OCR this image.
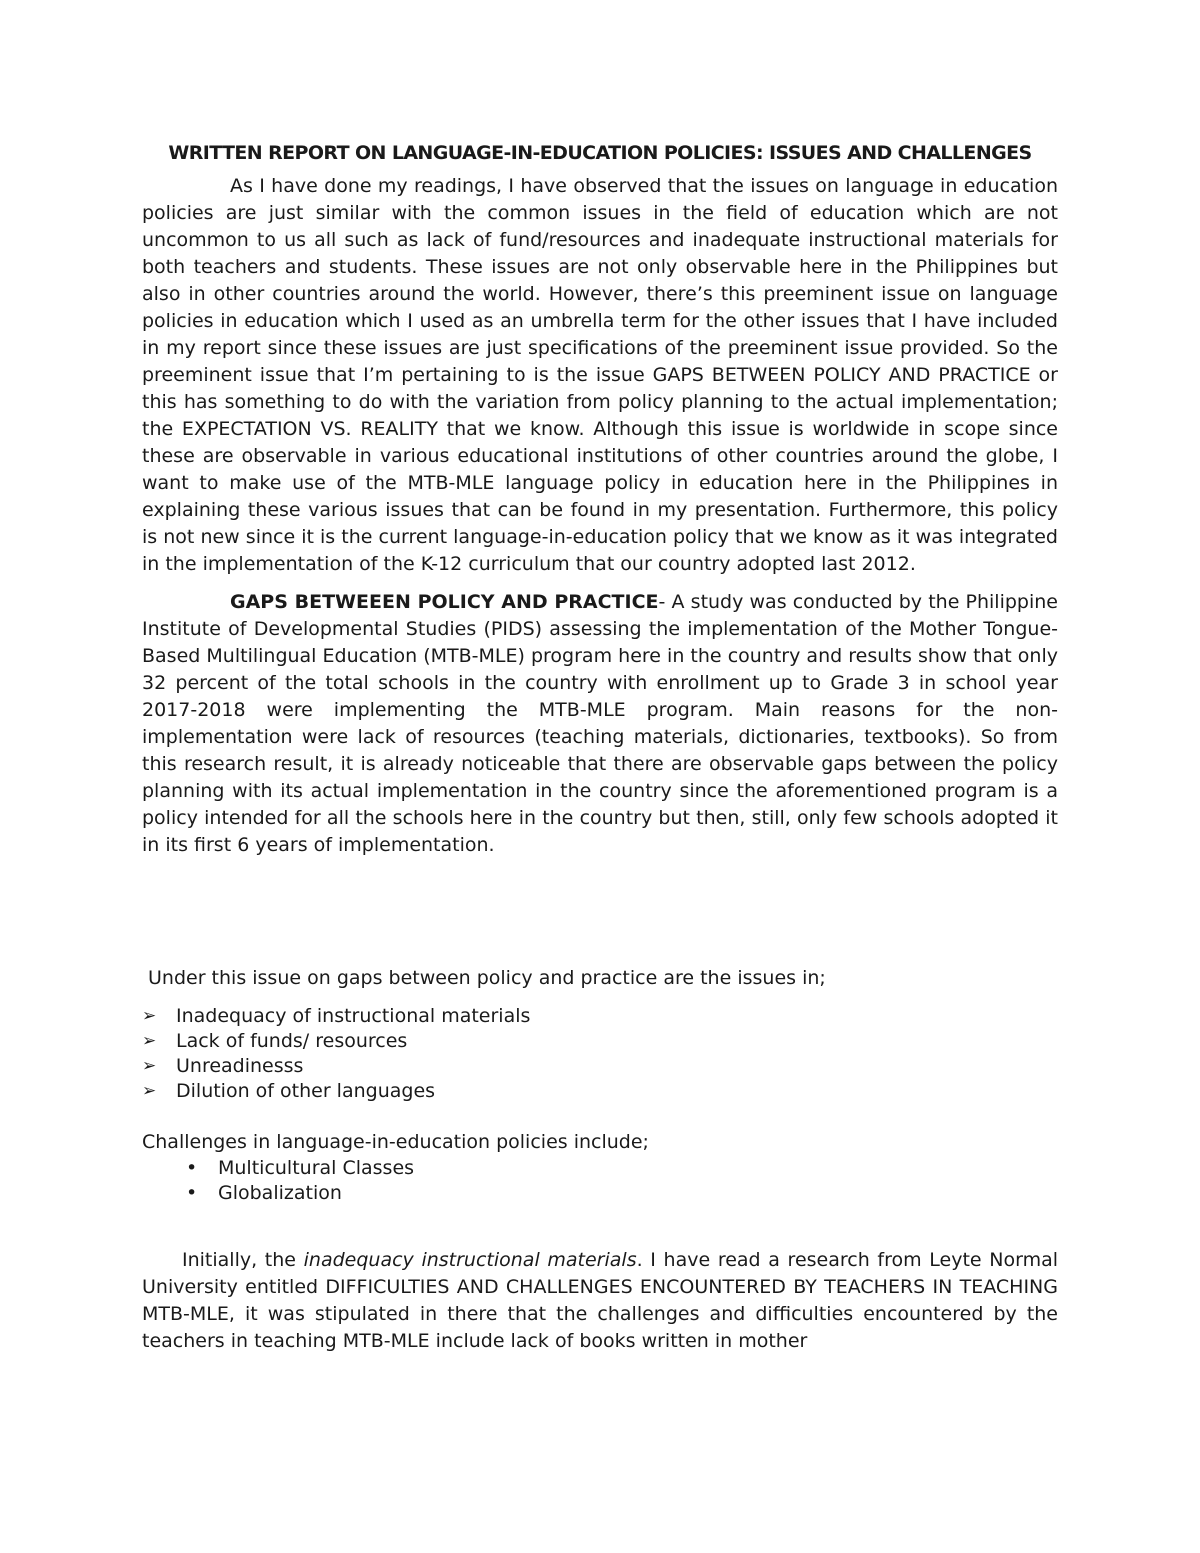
WRITTEN REPORT ON LANGUAGE-IN-EDUCATION POLICIES: ISSUES AND CHALLENGES

As I have done my readings, I have observed that the issues on language in education policies are just similar with the common issues in the field of education which are not uncommon to us all such as lack of fund/resources and inadequate instructional materials for both teachers and students. These issues are not only observable here in the Philippines but also in other countries around the world. However, there’s this preeminent issue on language policies in education which I used as an umbrella term for the other issues that I have included in my report since these issues are just specifications of the preeminent issue provided. So the preeminent issue that I’m pertaining to is the issue GAPS BETWEEN POLICY AND PRACTICE or this has something to do with the variation from policy planning to the actual implementation; the EXPECTATION VS. REALITY that we know. Although this issue is worldwide in scope since these are observable in various educational institutions of other countries around the globe, I want to make use of the MTB-MLE language policy in education here in the Philippines in explaining these various issues that can be found in my presentation. Furthermore, this policy is not new since it is the current language-in-education policy that we know as it was integrated in the implementation of the K-12 curriculum that our country adopted last 2012.

GAPS BETWEEEN POLICY AND PRACTICE- A study was conducted by the Philippine Institute of Developmental Studies (PIDS) assessing the implementation of the Mother Tongue-Based Multilingual Education (MTB-MLE) program here in the country and results show that only 32 percent of the total schools in the country with enrollment up to Grade 3 in school year 2017-2018 were implementing the MTB-MLE program. Main reasons for the non-implementation were lack of resources (teaching materials, dictionaries, textbooks). So from this research result, it is already noticeable that there are observable gaps between the policy planning with its actual implementation in the country since the aforementioned program is a policy intended for all the schools here in the country but then, still, only few schools adopted it in its first 6 years of implementation.

Under this issue on gaps between policy and practice are the issues in;
➢ Inadequacy of instructional materials
➢ Lack of funds/ resources
➢ Unreadinesss
➢ Dilution of other languages
Challenges in language-in-education policies include;
• Multicultural Classes
• Globalization

Initially, the inadequacy instructional materials. I have read a research from Leyte Normal University entitled DIFFICULTIES AND CHALLENGES ENCOUNTERED BY TEACHERS IN TEACHING MTB-MLE, it was stipulated in there that the challenges and difficulties encountered by the teachers in teaching MTB-MLE include lack of books written in mother
